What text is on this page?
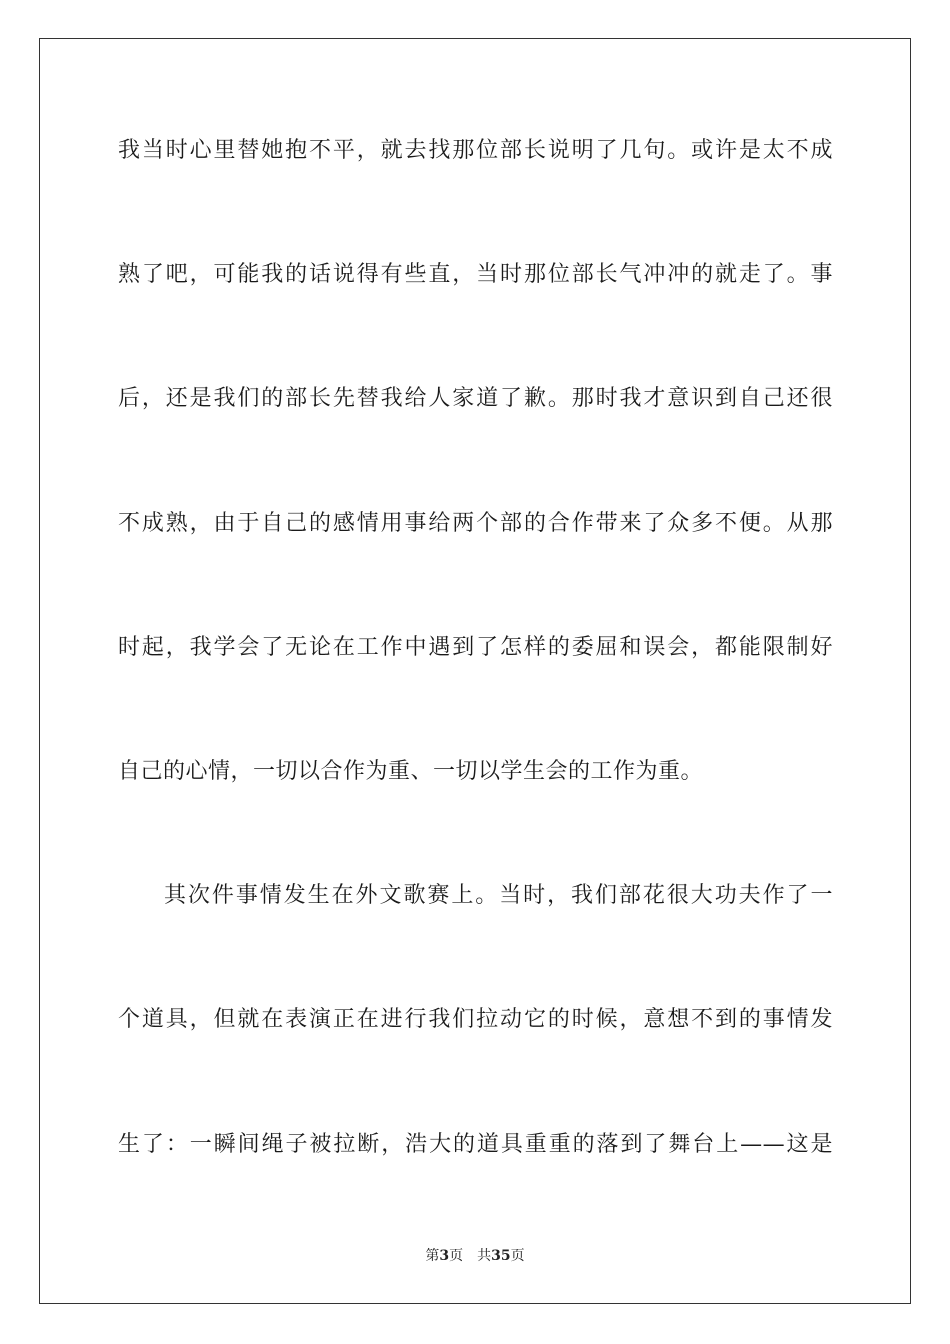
我当时心里替她抱不平，就去找那位部长说明了几句。或许是太不成
熟了吧，可能我的话说得有些直，当时那位部长气冲冲的就走了。事
后，还是我们的部长先替我给人家道了歉。那时我才意识到自己还很
不成熟，由于自己的感情用事给两个部的合作带来了众多不便。从那
时起，我学会了无论在工作中遇到了怎样的委屈和误会，都能限制好
自己的心情，一切以合作为重、一切以学生会的工作为重。
其次件事情发生在外文歌赛上。当时，我们部花很大功夫作了一
个道具，但就在表演正在进行我们拉动它的时候，意想不到的事情发
生了：一瞬间绳子被拉断，浩大的道具重重的落到了舞台上——这是
第3页 共35页
